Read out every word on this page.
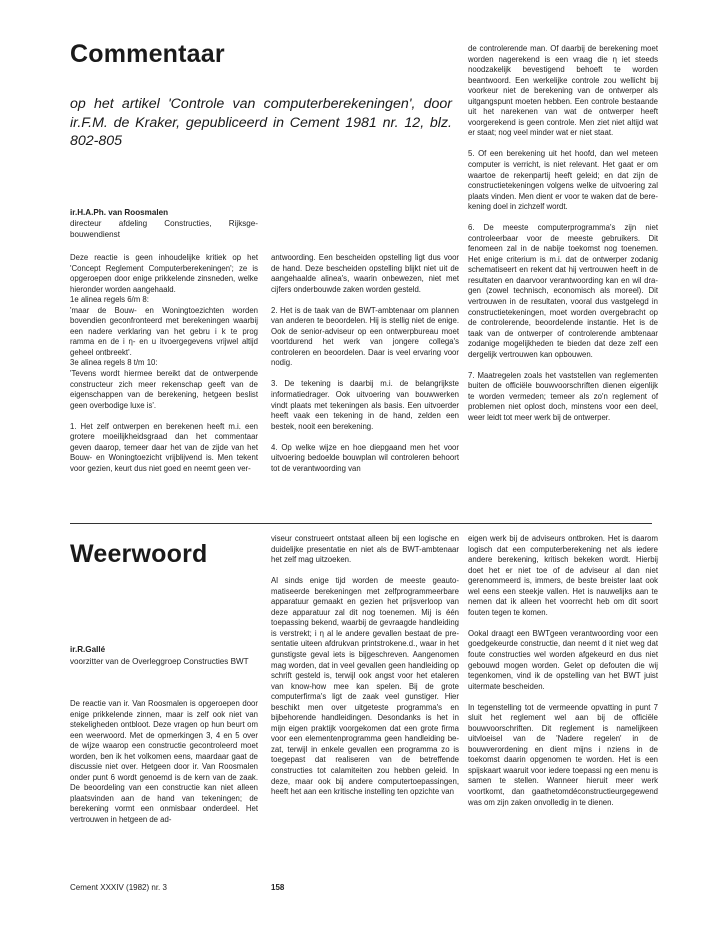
Commentaar
op het artikel 'Controle van computerberekeningen', door ir.F.M. de Kraker, gepubliceerd in Cement 1981 nr. 12, blz. 802-805
ir.H.A.Ph. van Roosmalen
directeur afdeling Constructies, Rijksgebouwendienst

Deze reactie is geen inhoudelijke kritiek op het 'Concept Reglement Computerberekeningen'; ze is opgeroepen door enige prikkelende zinsneden, welke hieronder worden aangehaald.

1e alinea regels 6/m 8:

'maar de Bouw- en Woningtoezichten worden bovendien geconfronteerd met berekeningen waarbij een nadere verklaring van het gebru i k te prog ramma en de i η- en u itvoergegevens vrijwel altijd geheel ontbreekt'.

3e alinea regels 8 t/m 10:

'Tevens wordt hiermee bereikt dat de ontwerpende constructeur zich meer rekenschap geeft van de eigenschappen van de berekening, hetgeen beslist geen overbodige luxe is'.

1. Het zelf ontwerpen en berekenen heeft m.i. een grotere moeilijkheidsgraad dan het commentaar geven daarop, temeer daar het van de zijde van het Bouw- en Woningtoezicht vrijblijvend is. Men tekent voor gezien, keurt dus niet goed en neemt geen ver-

antwoording. Een bescheiden opstelling ligt dus voor de hand. Deze bescheiden opstelling blijkt niet uit de aangehaalde alinea's, waarin onbewezen, niet met cijfers onderbouwde zaken worden gesteld.

2. Het is de taak van de BWT-ambtenaar om plannen van anderen te beoordelen. Hij is stellig niet de enige. Ook de senior-adviseur op een ontwerpbureau moet voortdurend het werk van jongere collega's controleren en beoordelen. Daar is veel ervaring voor nodig.

3. De tekening is daarbij m.i. de belangrijkste informatiedrager. Ook uitvoering van bouwwerken vindt plaats met tekeningen als basis. Een uitvoerder heeft vaak een tekening in de hand, zelden een bestek, nooit een berekening.

4. Op welke wijze en hoe diepgaand men het voor uitvoering bedoelde bouwplan wil controleren behoort tot de verantwoording van

de controlerende man. Of daarbij de berekening moet worden nagerekend is een vraag die η iet steeds noodzakelijk bevestigend behoeft te worden beantwoord. Een werkelijke controle zou wellicht bij voorkeur niet de berekening van de ontwerper als uitgangspunt moeten hebben. Een controle bestaande uit het narekenen van wat de ontwerper heeft voorgerekend is geen controle. Men ziet niet altijd wat er staat; nog veel minder wat er niet staat.

5. Of een berekening uit het hoofd, dan wel meteen computer is verricht, is niet relevant. Het gaat er om waartoe de rekenpartij heeft geleid; en dat zijn de constructietekeningen volgens welke de uitvoering zal plaats vinden. Men dient er voor te waken dat de berekening doel in zichzelf wordt.

6. De meeste computerprogramma's zijn niet controleerbaar voor de meeste gebruikers. Dit fenomeen zal in de nabije toekomst nog toenemen. Het enige criterium is m.i. dat de ontwerper zodanig schematiseert en rekent dat hij vertrouwen heeft in de resultaten en daarvoor verantwoording kan en wil dragen (zowel technisch, economisch als moreel). Dit vertrouwen in de resultaten, vooral dus vastgelegd in constructietekeningen, moet worden overgebracht op de controlerende, beoordelende instantie. Het is de taak van de ontwerper of controlerende ambtenaar zodanige mogelijkheden te bieden dat deze zelf een dergelijk vertrouwen kan opbouwen.

7. Maatregelen zoals het vaststellen van reglementen buiten de officiële bouwvoorschriften dienen eigenlijk te worden vermeden; temeer als zo'n reglement of problemen niet oplost doch, minstens voor een deel, weer leidt tot meer werk bij de ontwerper.

Weerwoord
ir.R.Gallé
voorzitter van de Overleggroep Constructies BWT

De reactie van ir. Van Roosmalen is opgeroepen door enige prikkelende zinnen, maar is zelf ook niet van stekeligheden ontbloot. Deze vragen op hun beurt om een weerwoord. Met de opmerkingen 3, 4 en 5 over de wijze waarop een constructie gecontroleerd moet worden, ben ik het volkomen eens, maardaar gaat de discussie niet over. Hetgeen door ir. Van Roosmalen onder punt 6 wordt genoemd is de kern van de zaak. De beoordeling van een constructie kan niet alleen plaatsvinden aan de hand van tekeningen; de berekening vormt een onmisbaar onderdeel. Het vertrouwen in hetgeen de ad-

viseur construeert ontstaat alleen bij een logische en duidelijke presentatie en niet als de BWT-ambtenaar het zelf mag uitzoeken.

Al sinds enige tijd worden de meeste geautomatiseerde berekeningen met zelfprogrammeerbare apparatuur gemaakt en gezien het prijsverloop van deze apparatuur zal dit nog toenemen. Mij is één toepassing bekend, waarbij de gevraagde handleiding is verstrekt; i η al le andere gevallen bestaat de presentatie uiteen afdrukvan printstrokene.d., waar in het gunstigste geval iets is bijgeschreven. Aangenomen mag worden, dat in veel gevallen geen handleiding op schrift gesteld is, terwijl ook angst voor het etaleren van know-how mee kan spelen. Bij de grote computerfirma's ligt de zaak veel gunstiger. Hier beschikt men over uitgeteste programma's en bijbehorende handleidingen. Desondanks is het in mijn eigen praktijk voorgekomen dat een grote firma voor een elementenprogramma geen handleiding bezat, terwijl in enkele gevallen een programma zo is toegepast dat realiseren van de betreffende constructies tot calamiteiten zou hebben geleid. In deze, maar ook bij andere computertoepassingen, heeft het aan een kritische instelling ten opzichte van

eigen werk bij de adviseurs ontbroken. Het is daarom logisch dat een computerberekening net als iedere andere berekening, kritisch bekeken wordt. Hierbij doet het er niet toe of de adviseur al dan niet gerenommeerd is, immers, de beste breister laat ook wel eens een steekje vallen. Het is nauwelijks aan te nemen dat ik alleen het voorrecht heb om dit soort fouten tegen te komen.

Ookal draagt een BWTgeen verantwoording voor een goedgekeurde constructie, dan neemt d it niet weg dat foute constructies wel worden afgekeurd en dus niet gebouwd mogen worden. Gelet op defouten die wij tegenkomen, vind ik de opstelling van het BWT juist uitermate bescheiden.

In tegenstelling tot de vermeende opvatting in punt 7 sluit het reglement wel aan bij de officiële bouwvoorschriften. Dit reglement is namelijkeen uitvloeisel van de 'Nadere regelen' in de bouwverordening en dient mijns i nziens in de toekomst daarin opgenomen te worden. Het is een spijskaart waaruit voor iedere toepassi ng een menu is samen te stellen. Wanneer hieruit meer werk voortkomt, dan gaathetomdéconstructieurgegewend was om zijn zaken onvolledig in te dienen.

Cement XXXIV (1982) nr. 3	158
